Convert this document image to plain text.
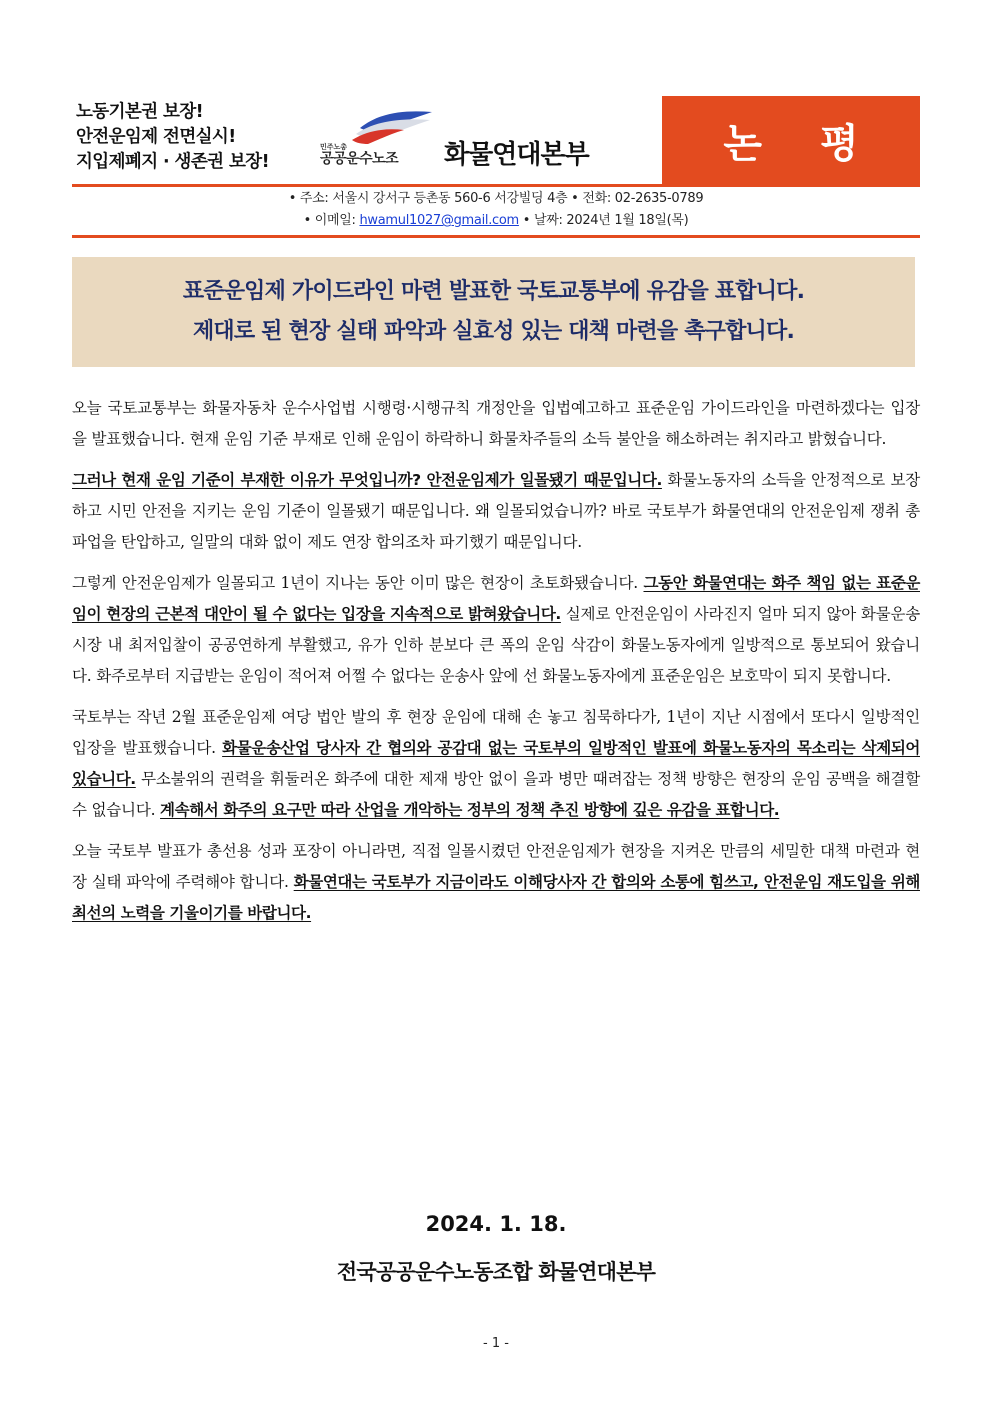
노동기본권 보장!
안전운임제 전면실시!
지입제폐지 · 생존권 보장!
민주노총
공공운수노조 화물연대본부	논 평
• 주소: 서울시 강서구 등촌동 560-6 서강빌딩 4층 • 전화: 02-2635-0789
• 이메일: hwamul1027@gmail.com • 날짜: 2024년 1월 18일(목)
표준운임제 가이드라인 마련 발표한 국토교통부에 유감을 표합니다.
제대로 된 현장 실태 파악과 실효성 있는 대책 마련을 촉구합니다.

오늘 국토교통부는 화물자동차 운수사업법 시행령·시행규칙 개정안을 입법예고하고 표준운임 가이드라인을 마련하겠다는 입장을 발표했습니다. 현재 운임 기준 부재로 인해 운임이 하락하니 화물차주들의 소득 불안을 해소하려는 취지라고 밝혔습니다.

그러나 현재 운임 기준이 부재한 이유가 무엇입니까? 안전운임제가 일몰됐기 때문입니다. 화물노동자의 소득을 안정적으로 보장하고 시민 안전을 지키는 운임 기준이 일몰됐기 때문입니다. 왜 일몰되었습니까? 바로 국토부가 화물연대의 안전운임제 쟁취 총파업을 탄압하고, 일말의 대화 없이 제도 연장 합의조차 파기했기 때문입니다.

그렇게 안전운임제가 일몰되고 1년이 지나는 동안 이미 많은 현장이 초토화됐습니다. 그동안 화물연대는 화주 책임 없는 표준운임이 현장의 근본적 대안이 될 수 없다는 입장을 지속적으로 밝혀왔습니다. 실제로 안전운임이 사라진지 얼마 되지 않아 화물운송시장 내 최저입찰이 공공연하게 부활했고, 유가 인하 분보다 큰 폭의 운임 삭감이 화물노동자에게 일방적으로 통보되어 왔습니다. 화주로부터 지급받는 운임이 적어져 어쩔 수 없다는 운송사 앞에 선 화물노동자에게 표준운임은 보호막이 되지 못합니다.

국토부는 작년 2월 표준운임제 여당 법안 발의 후 현장 운임에 대해 손 놓고 침묵하다가, 1년이 지난 시점에서 또다시 일방적인 입장을 발표했습니다. 화물운송산업 당사자 간 협의와 공감대 없는 국토부의 일방적인 발표에 화물노동자의 목소리는 삭제되어 있습니다. 무소불위의 권력을 휘둘러온 화주에 대한 제재 방안 없이 을과 병만 때려잡는 정책 방향은 현장의 운임 공백을 해결할 수 없습니다. 계속해서 화주의 요구만 따라 산업을 개악하는 정부의 정책 추진 방향에 깊은 유감을 표합니다.

오늘 국토부 발표가 총선용 성과 포장이 아니라면, 직접 일몰시켰던 안전운임제가 현장을 지켜온 만큼의 세밀한 대책 마련과 현장 실태 파악에 주력해야 합니다. 화물연대는 국토부가 지금이라도 이해당사자 간 합의와 소통에 힘쓰고, 안전운임 재도입을 위해 최선의 노력을 기울이기를 바랍니다.

2024. 1. 18.
전국공공운수노동조합 화물연대본부
- 1 -
